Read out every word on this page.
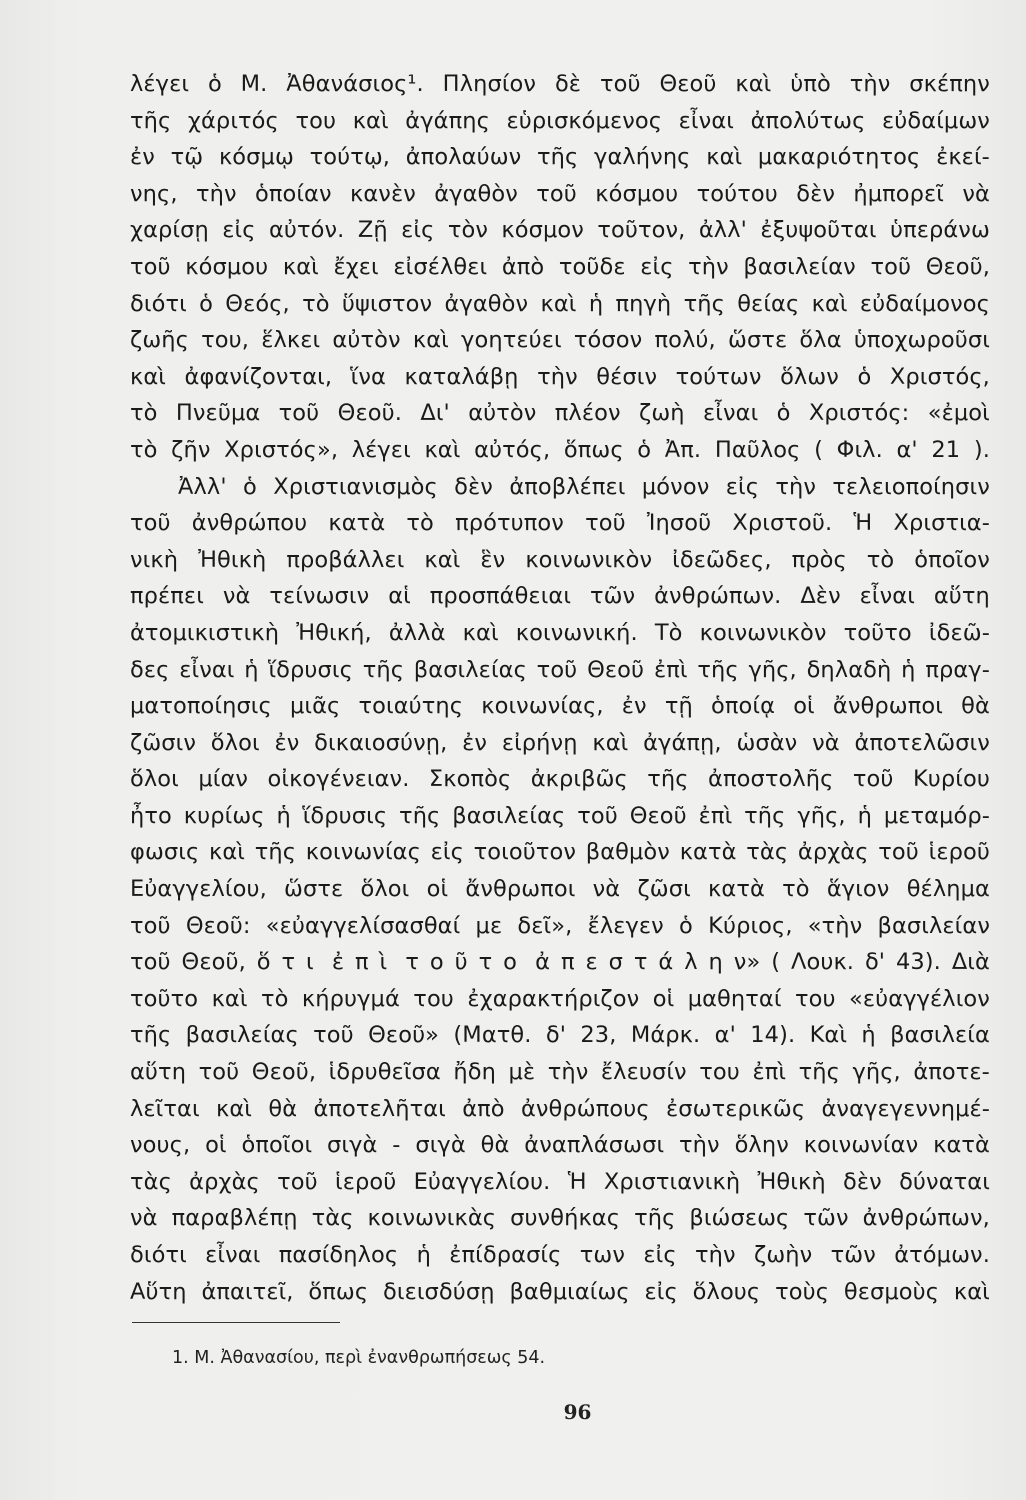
λέγει ὁ Μ. Ἀθανάσιος¹. Πλησίον δὲ τοῦ Θεοῦ καὶ ὑπὸ τὴν σκέπην
τῆς χάριτός του καὶ ἀγάπης εὑρισκόμενος εἶναι ἀπολύτως εὐδαίμων
ἐν τῷ κόσμῳ τούτῳ, ἀπολαύων τῆς γαλήνης καὶ μακαριότητος ἐκεί-
νης, τὴν ὁποίαν κανὲν ἀγαθὸν τοῦ κόσμου τούτου δὲν ἠμπορεῖ νὰ
χαρίσῃ εἰς αὐτόν. Ζῇ εἰς τὸν κόσμον τοῦτον, ἀλλ' ἐξυψοῦται ὑπεράνω
τοῦ κόσμου καὶ ἔχει εἰσέλθει ἀπὸ τοῦδε εἰς τὴν βασιλείαν τοῦ Θεοῦ,
διότι ὁ Θεός, τὸ ὕψιστον ἀγαθὸν καὶ ἡ πηγὴ τῆς θείας καὶ εὐδαίμονος
ζωῆς του, ἕλκει αὐτὸν καὶ γοητεύει τόσον πολύ, ὥστε ὅλα ὑποχωροῦσι
καὶ ἀφανίζονται, ἵνα καταλάβῃ τὴν θέσιν τούτων ὅλων ὁ Χριστός,
τὸ Πνεῦμα τοῦ Θεοῦ. Δι' αὐτὸν πλέον ζωὴ εἶναι ὁ Χριστός: «ἐμοὶ
τὸ ζῆν Χριστός», λέγει καὶ αὐτός, ὅπως ὁ Ἀπ. Παῦλος ( Φιλ. α' 21 ).
Ἀλλ' ὁ Χριστιανισμὸς δὲν ἀποβλέπει μόνον εἰς τὴν τελειοποίησιν
τοῦ ἀνθρώπου κατὰ τὸ πρότυπον τοῦ Ἰησοῦ Χριστοῦ. Ἡ Χριστια-
νικὴ Ἠθικὴ προβάλλει καὶ ἓν κοινωνικὸν ἰδεῶδες, πρὸς τὸ ὁποῖον
πρέπει νὰ τείνωσιν αἱ προσπάθειαι τῶν ἀνθρώπων. Δὲν εἶναι αὕτη
ἀτομικιστικὴ Ἠθική, ἀλλὰ καὶ κοινωνική. Τὸ κοινωνικὸν τοῦτο ἰδεῶ-
δες εἶναι ἡ ἵδρυσις τῆς βασιλείας τοῦ Θεοῦ ἐπὶ τῆς γῆς, δηλαδὴ ἡ πραγ-
ματοποίησις μιᾶς τοιαύτης κοινωνίας, ἐν τῇ ὁποίᾳ οἱ ἄνθρωποι θὰ
ζῶσιν ὅλοι ἐν δικαιοσύνῃ, ἐν εἰρήνῃ καὶ ἀγάπῃ, ὡσὰν νὰ ἀποτελῶσιν
ὅλοι μίαν οἰκογένειαν. Σκοπὸς ἀκριβῶς τῆς ἀποστολῆς τοῦ Κυρίου
ἦτο κυρίως ἡ ἵδρυσις τῆς βασιλείας τοῦ Θεοῦ ἐπὶ τῆς γῆς, ἡ μεταμόρ-
φωσις καὶ τῆς κοινωνίας εἰς τοιοῦτον βαθμὸν κατὰ τὰς ἀρχὰς τοῦ ἱεροῦ
Εὐαγγελίου, ὥστε ὅλοι οἱ ἄνθρωποι νὰ ζῶσι κατὰ τὸ ἅγιον θέλημα
τοῦ Θεοῦ: «εὐαγγελίσασθαί με δεῖ», ἔλεγεν ὁ Κύριος, «τὴν βασιλείαν
τοῦ Θεοῦ, ὅ τ ι ἐ π ὶ τ ο ῦ τ ο ἀ π ε σ τ ά λ η ν» ( Λουκ. δ' 43). Διὰ
τοῦτο καὶ τὸ κήρυγμά του ἐχαρακτήριζον οἱ μαθηταί του «εὐαγγέλιον
τῆς βασιλείας τοῦ Θεοῦ» (Ματθ. δ' 23, Μάρκ. α' 14). Καὶ ἡ βασιλεία
αὕτη τοῦ Θεοῦ, ἱδρυθεῖσα ἤδη μὲ τὴν ἔλευσίν του ἐπὶ τῆς γῆς, ἀποτε-
λεῖται καὶ θὰ ἀποτελῆται ἀπὸ ἀνθρώπους ἐσωτερικῶς ἀναγεγεννημέ-
νους, οἱ ὁποῖοι σιγὰ - σιγὰ θὰ ἀναπλάσωσι τὴν ὅλην κοινωνίαν κατὰ
τὰς ἀρχὰς τοῦ ἱεροῦ Εὐαγγελίου. Ἡ Χριστιανικὴ Ἠθικὴ δὲν δύναται
νὰ παραβλέπῃ τὰς κοινωνικὰς συνθήκας τῆς βιώσεως τῶν ἀνθρώπων,
διότι εἶναι πασίδηλος ἡ ἐπίδρασίς των εἰς τὴν ζωὴν τῶν ἀτόμων.
Αὕτη ἀπαιτεῖ, ὅπως διεισδύσῃ βαθμιαίως εἰς ὅλους τοὺς θεσμοὺς καὶ
1. Μ. Ἀθανασίου, περὶ ἐνανθρωπήσεως 54.
96
